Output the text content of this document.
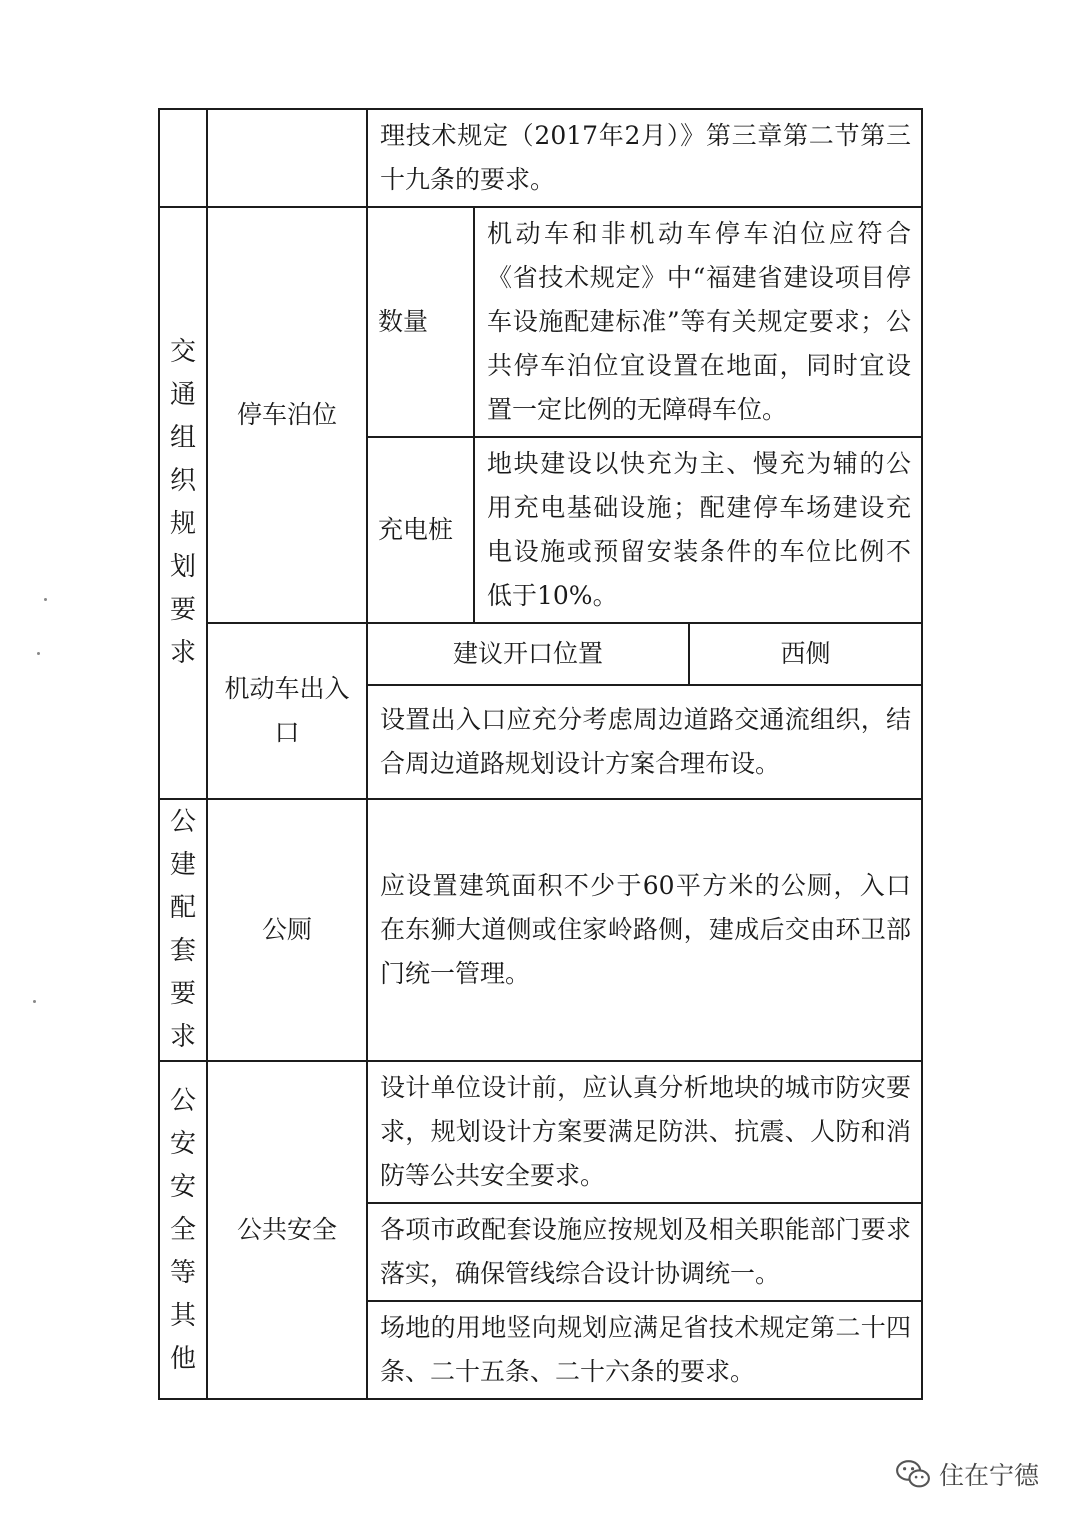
		理技术规定（2017年2月）》第三章第二节第三十九条的要求。		
交通组织规划要求	停车泊位	数量	机动车和非机动车停车泊位应符合《省技术规定》中“福建省建设项目停车设施配建标准”等有关规定要求；公共停车泊位宜设置在地面，同时宜设置一定比例的无障碍车位。	
		充电桩	地块建设以快充为主、慢充为辅的公用充电基础设施；配建停车场建设充电设施或预留安装条件的车位比例不低于10%。	
	机动车出入口	建议开口位置		西侧
		设置出入口应充分考虑周边道路交通流组织，结合周边道路规划设计方案合理布设。		
公建配套要求	公厕	应设置建筑面积不少于60平方米的公厕，入口在东狮大道侧或住家岭路侧，建成后交由环卫部门统一管理。		
公安安全等其他	公共安全	设计单位设计前，应认真分析地块的城市防灾要求，规划设计方案要满足防洪、抗震、人防和消防等公共安全要求。		
		各项市政配套设施应按规划及相关职能部门要求落实，确保管线综合设计协调统一。		
		场地的用地竖向规划应满足省技术规定第二十四条、二十五条、二十六条的要求。		
住在宁德
